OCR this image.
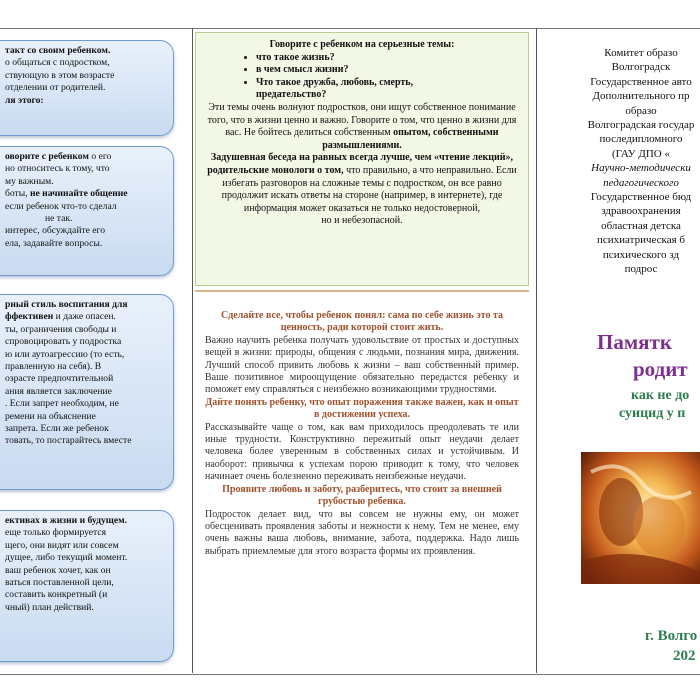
такт со своим ребенком.

о общаться с подростком,

ствующую в этом возрасте

отделении от родителей.

ля этого:

оворите с ребенком о его

но относитесь к тому, что

му важным.

боты, не начинайте общение

если ребенок что-то сделал

не так.

интерес, обсуждайте его

ела, задавайте вопросы.

рный стиль воспитания для

ффективен и даже опасен.

ты, ограничения свободы и

спровоцировать у подростка

ю или аутоагрессию (то есть,

правленную на себя). В

озрасте предпочтительной

ания является заключение

. Если запрет необходим, не

ремени на объяснение

запрета. Если же ребенок

товать, то постарайтесь вместе

ективах в жизни и будущем.

еще только формируется

щего, они видят или совсем

дущее, либо текущий момент.

ваш ребенок хочет, как он

ваться поставленной цели,

составить конкретный (и

чный) план действий.

Говорите с ребенком на серьезные темы:

• что такое жизнь?
• в чем смысл жизни?
• Что такое дружба, любовь, смерть,
предательство?

Эти темы очень волнуют подростков, они ищут собственное понимание того, что в жизни ценно и важно. Говорите о том, что ценно в жизни для вас. Не бойтесь делиться собственным опытом, собственными размышлениями.

Задушевная беседа на равных всегда лучше, чем «чтение лекций», родительские монологи о том, что правильно, а что неправильно. Если избегать разговоров на сложные темы с подростком, он все равно продолжит искать ответы на стороне (например, в интернете), где информация может оказаться не только недостоверной,

но и небезопасной.

Сделайте все, чтобы ребенок понял: сама по себе жизнь это та ценность, ради которой стоит жить.

Важно научить ребенка получать удовольствие от простых и доступных вещей в жизни: природы, общения с людьми, познания мира, движения. Лучший способ привить любовь к жизни – ваш собственный пример. Ваше позитивное мироощущение обязательно передастся ребенку и поможет ему справляться с неизбежно возникающими трудностями.

Дайте понять ребенку, что опыт поражения также важен, как и опыт в достижении успеха.

Рассказывайте чаще о том, как вам приходилось преодолевать те или иные трудности. Конструктивно пережитый опыт неудачи делает человека более уверенным в собственных силах и устойчивым. И наоборот: привычка к успехам порою приводит к тому, что человек начинает очень болезненно переживать неизбежные неудачи.

Проявите любовь и заботу, разберитесь, что стоит за внешней грубостью ребенка.

Подросток делает вид, что вы совсем не нужны ему, он может обесценивать проявления заботы и нежности к нему. Тем не менее, ему очень важны ваша любовь, внимание, забота, поддержка. Надо лишь выбрать приемлемые для этого возраста формы их проявления.

Комитет образо

Волгоградск

Государственное авто

Дополнительного пр

образо

Волгоградская государ

последипломного

(ГАУ ДПО «

Научно-методически

педагогического

Государственное бюд

здравоохранения

областная детска

психиатрическая б

психического зд

подрос

Памятк
родит
как не до
суицид у п
г. Волго
202
